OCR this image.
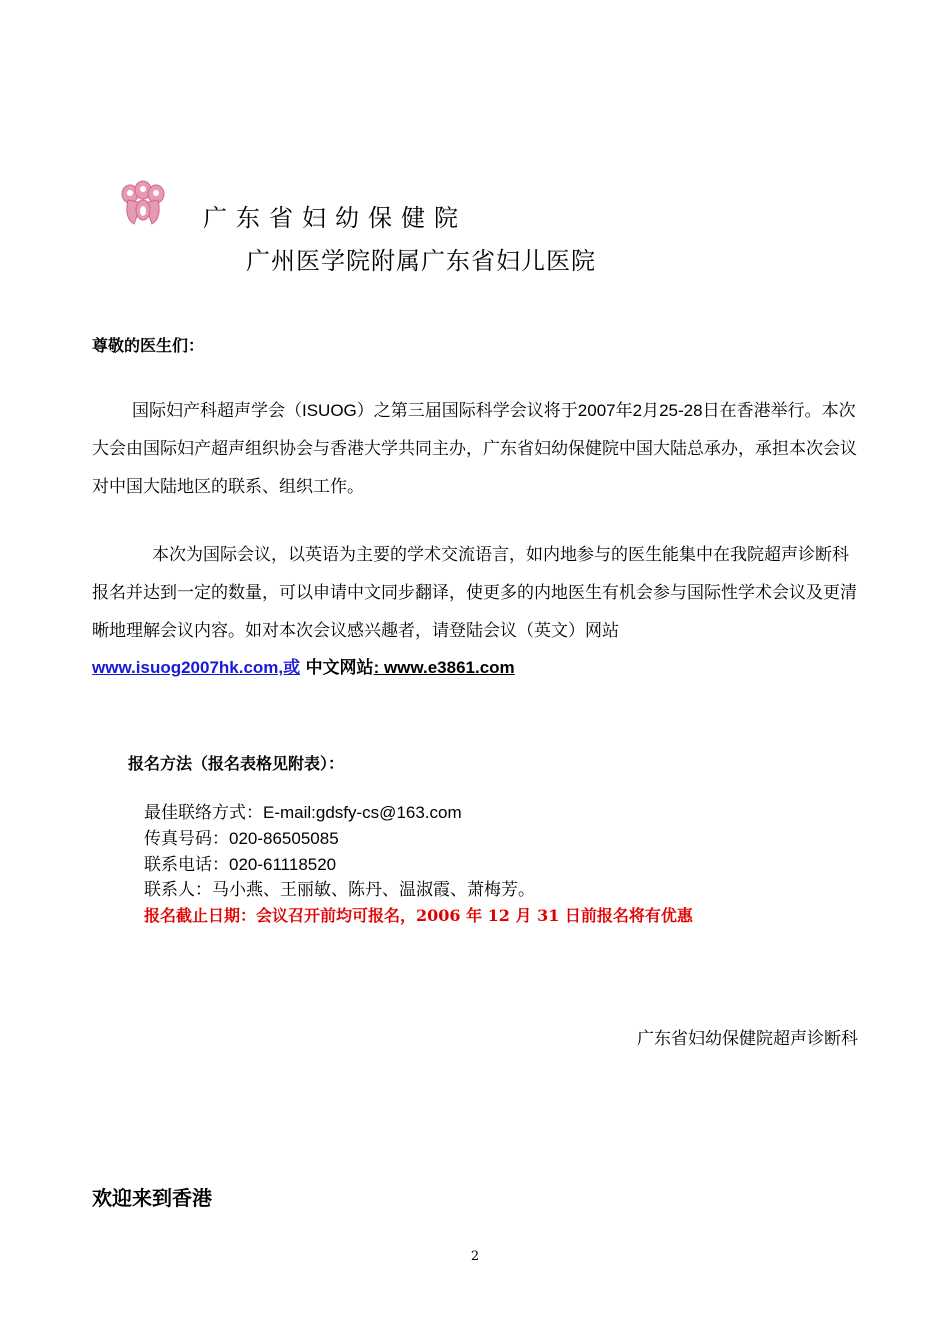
广东省妇幼保健院
广州医学院附属广东省妇儿医院
尊敬的医生们：
国际妇产科超声学会（ISUOG）之第三届国际科学会议将于2007年2月25-28日在香港举行。本次大会由国际妇产超声组织协会与香港大学共同主办，广东省妇幼保健院中国大陆总承办，承担本次会议对中国大陆地区的联系、组织工作。
本次为国际会议，以英语为主要的学术交流语言，如内地参与的医生能集中在我院超声诊断科报名并达到一定的数量，可以申请中文同步翻译，使更多的内地医生有机会参与国际性学术会议及更清晰地理解会议内容。如对本次会议感兴趣者，请登陆会议（英文）网站
www.isuog2007hk.com,或 中文网站: www.e3861.com
报名方法（报名表格见附表）：
最佳联络方式：E-mail:gdsfy-cs@163.com
传真号码：020-86505085
联系电话：020-61118520
联系人：马小燕、王丽敏、陈丹、温淑霞、萧梅芳。
报名截止日期：会议召开前均可报名，2006 年 12 月 31 日前报名将有优惠
广东省妇幼保健院超声诊断科
欢迎来到香港
2
